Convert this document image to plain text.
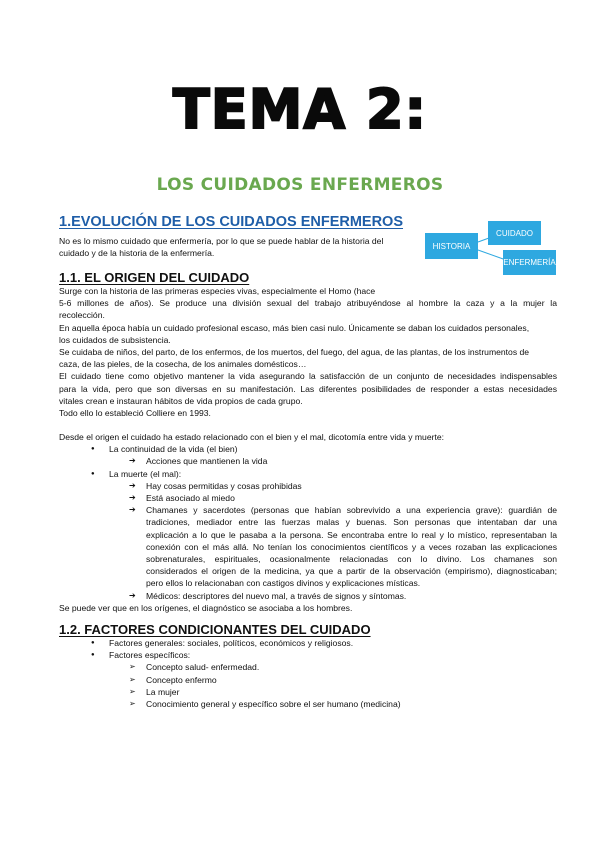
TEMA 2:
LOS CUIDADOS ENFERMEROS
1.EVOLUCIÓN DE LOS CUIDADOS ENFERMEROS
No es lo mismo cuidado que enfermería, por lo que se puede hablar de la historia del
cuidado y de la historia de la enfermería.
HISTORIA
CUIDADO
ENFERMERÍA
1.1. EL ORIGEN DEL CUIDADO
Surge con la historia de las primeras especies vivas, especialmente el Homo (hace
5-6 millones de años). Se produce una división sexual del trabajo atribuyéndose al hombre la caza y a la mujer la
recolección.
En aquella época había un cuidado profesional escaso, más bien casi nulo. Únicamente se daban los cuidados personales,
los cuidados de subsistencia.
Se cuidaba de niños, del parto, de los enfermos, de los muertos, del fuego, del agua, de las plantas, de los instrumentos de
caza, de las pieles, de la cosecha, de los animales domésticos…
El cuidado tiene como objetivo mantener la vida asegurando la satisfacción de un conjunto de necesidades indispensables
para la vida, pero que son diversas en su manifestación. Las diferentes posibilidades de responder a estas necesidades
vitales crean e instauran hábitos de vida propios de cada grupo.
Todo ello lo estableció Colliere en 1993.
Desde el origen el cuidado ha estado relacionado con el bien y el mal, dicotomía entre vida y muerte:
● La continuidad de la vida (el bien)
➔ Acciones que mantienen la vida
● La muerte (el mal):
➔ Hay cosas permitidas y cosas prohibidas
➔ Está asociado al miedo
➔ Chamanes y sacerdotes (personas que habían sobrevivido a una experiencia grave): guardián de
tradiciones, mediador entre las fuerzas malas y buenas. Son personas que intentaban dar una
explicación a lo que le pasaba a la persona. Se encontraba entre lo real y lo místico, representaban la
conexión con el más allá. No tenían los conocimientos científicos y a veces rozaban las explicaciones
sobrenaturales, espirituales, ocasionalmente relacionadas con lo divino. Los chamanes son
considerados el origen de la medicina, ya que a partir de la observación (empirismo), diagnosticaban;
pero ellos lo relacionaban con castigos divinos y explicaciones místicas.
➔ Médicos: descriptores del nuevo mal, a través de signos y síntomas.
Se puede ver que en los orígenes, el diagnóstico se asociaba a los hombres.
1.2. FACTORES CONDICIONANTES DEL CUIDADO
● Factores generales: sociales, políticos, económicos y religiosos.
● Factores específicos:
➢ Concepto salud- enfermedad.
➢ Concepto enfermo
➢ La mujer
➢ Conocimiento general y específico sobre el ser humano (medicina)
